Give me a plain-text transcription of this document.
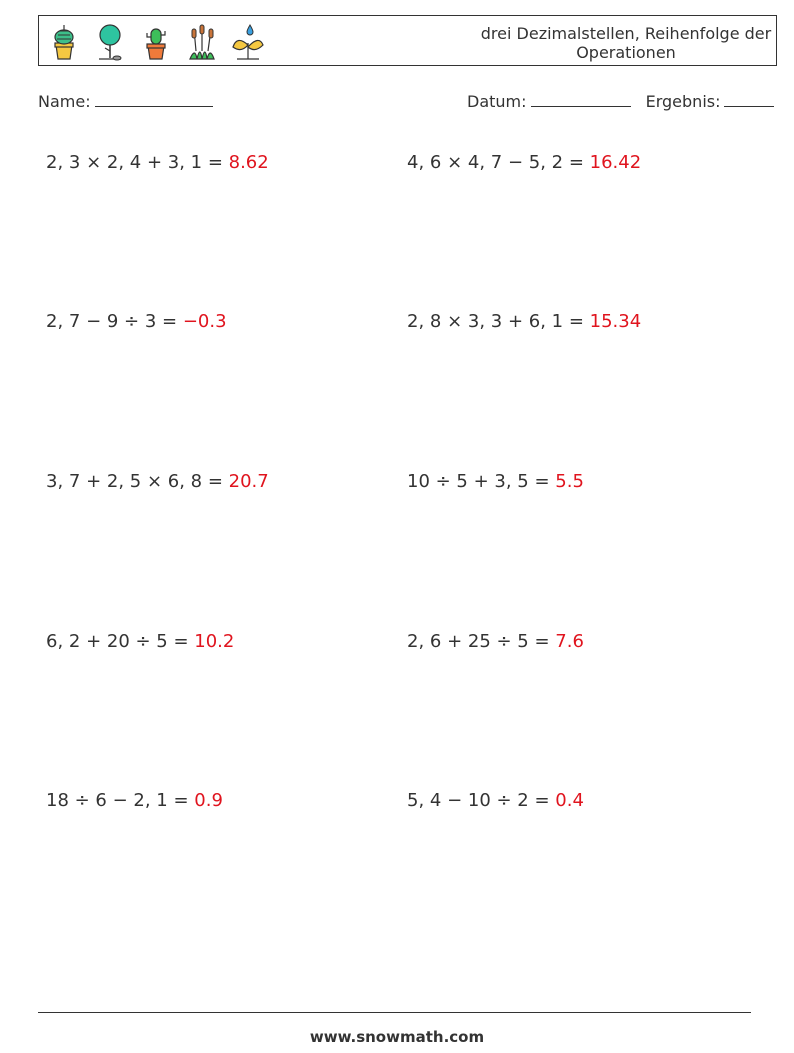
drei Dezimalstellen, Reihenfolge der Operationen
Name:	Datum:	Ergebnis:
2, 3 × 2, 4 + 3, 1 = 8.62	4, 6 × 4, 7 − 5, 2 = 16.42
2, 7 − 9 ÷ 3 = −0.3	2, 8 × 3, 3 + 6, 1 = 15.34
3, 7 + 2, 5 × 6, 8 = 20.7	10 ÷ 5 + 3, 5 = 5.5
6, 2 + 20 ÷ 5 = 10.2	2, 6 + 25 ÷ 5 = 7.6
18 ÷ 6 − 2, 1 = 0.9	5, 4 − 10 ÷ 2 = 0.4
www.snowmath.com
